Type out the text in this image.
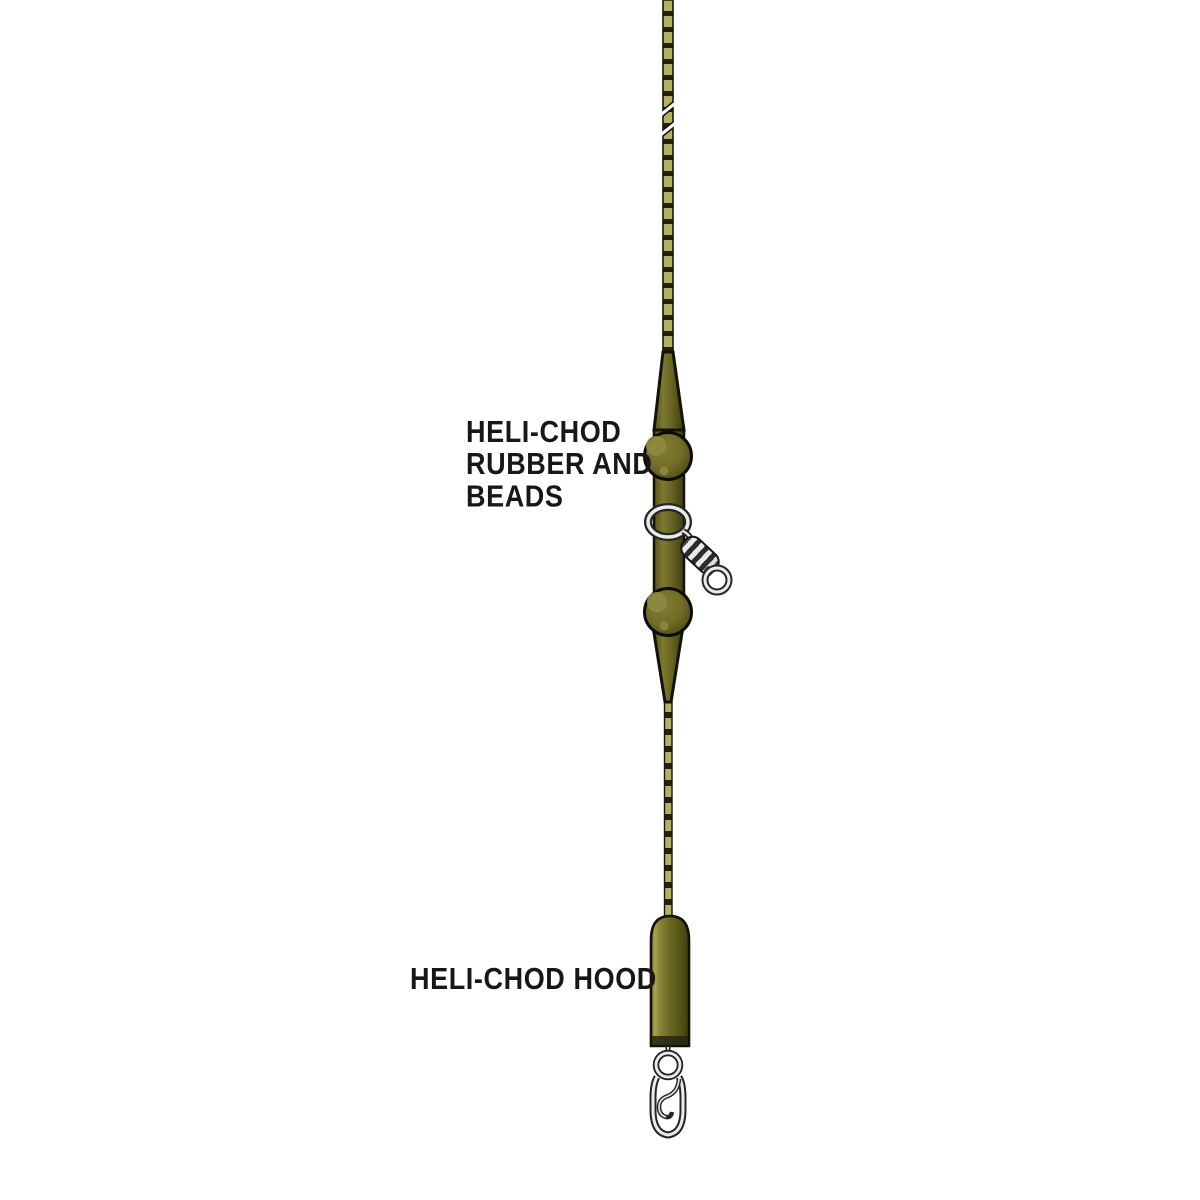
HELI-CHOD
RUBBER AND
BEADS
HELI-CHOD HOOD
